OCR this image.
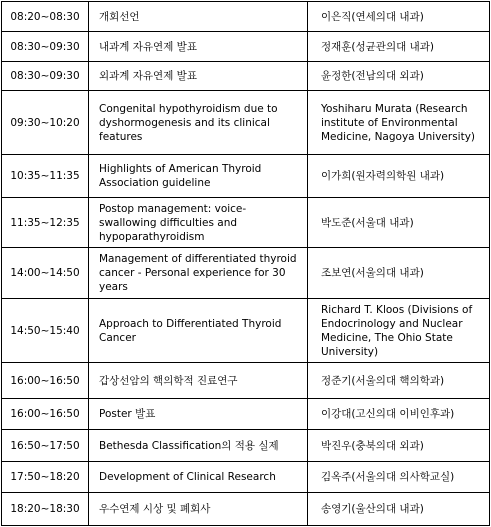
08:20~08:30	개회선언	이은직(연세의대 내과)
08:30~09:30	내과계 자유연제 발표	정재훈(성균관의대 내과)
08:30~09:30	외과계 자유연제 발표	윤정한(전남의대 외과)
09:30~10:20	Congenital hypothyroidism due to dyshormogenesis and its clinical features	Yoshiharu Murata (Research institute of Environmental Medicine, Nagoya University)
10:35~11:35	Highlights of American Thyroid Association guideline	이가희(원자력의학원 내과)
11:35~12:35	Postop management: voice-swallowing difficulties and hypoparathyroidism	박도준(서울대 내과)
14:00~14:50	Management of differentiated thyroid cancer - Personal experience for 30 years	조보연(서울의대 내과)
14:50~15:40	Approach to Differentiated Thyroid Cancer	Richard T. Kloos (Divisions of Endocrinology and Nuclear Medicine, The Ohio State University)
16:00~16:50	갑상선암의 핵의학적 진료연구	정준기(서울의대 핵의학과)
16:00~16:50	Poster 발표	이강대(고신의대 이비인후과)
16:50~17:50	Bethesda Classification의 적용 실제	박진우(충북의대 외과)
17:50~18:20	Development of Clinical Research	김옥주(서울의대 의사학교실)
18:20~18:30	우수연제 시상 및 폐회사	송영기(울산의대 내과)
